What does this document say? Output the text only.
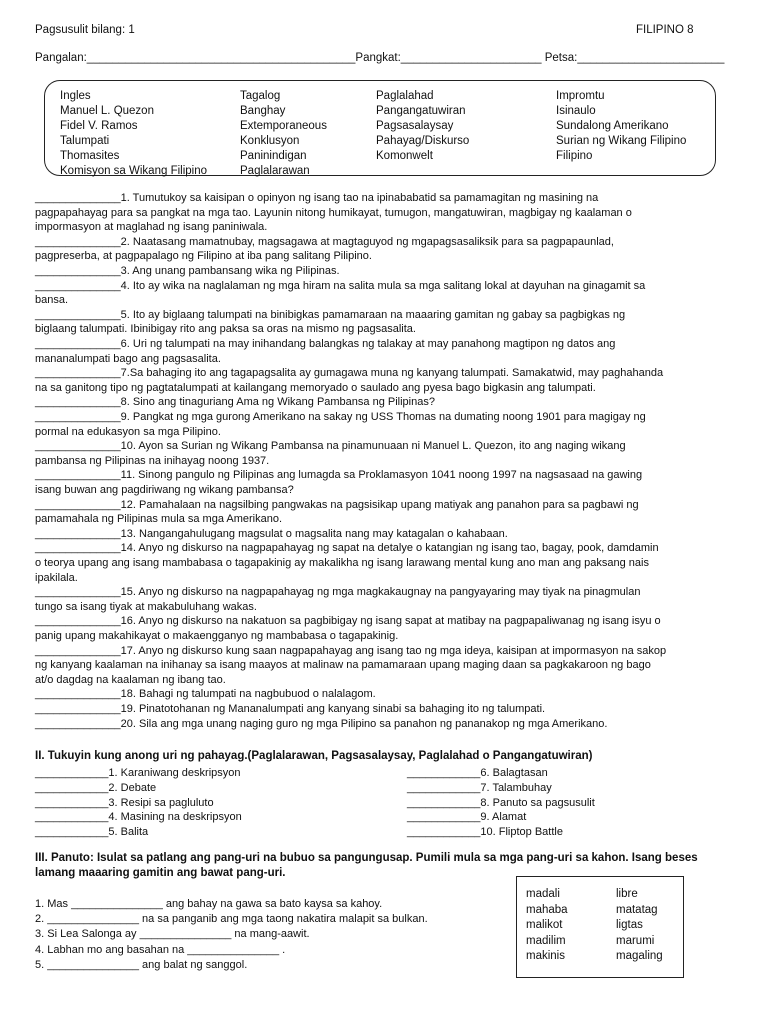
Pagsusulit bilang: 1	FILIPINO 8
Pangalan:__________________________________________Pangkat:______________________ Petsa:_______________________
Ingles
Manuel L. Quezon
Fidel V. Ramos
Talumpati
Thomasites
Komisyon sa Wikang Filipino
Tagalog
Banghay
Extemporaneous
Konklusyon
Paninindigan
Paglalarawan
Paglalahad
Pangangatuwiran
Pagsasalaysay
Pahayag/Diskurso
Komonwelt
Impromtu
Isinaulo
Sundalong Amerikano
Surian ng Wikang Filipino
Filipino
______________1. Tumutukoy sa kaisipan o opinyon ng isang tao na ipinababatid sa pamamagitan ng masining na
pagpapahayag para sa pangkat na mga tao. Layunin nitong humikayat, tumugon, mangatuwiran, magbigay ng kaalaman o
impormasyon at maglahad ng isang paniniwala.
______________2. Naatasang mamatnubay, magsagawa at magtaguyod ng mgapagsasaliksik para sa pagpapaunlad,
pagpreserba, at pagpapalago ng Filipino at iba pang salitang Pilipino.
______________3. Ang unang pambansang wika ng Pilipinas.
______________4. Ito ay wika na naglalaman ng mga hiram na salita mula sa mga salitang lokal at dayuhan na ginagamit sa
bansa.
______________5. Ito ay biglaang talumpati na binibigkas pamamaraan na maaaring gamitan ng gabay sa pagbigkas ng
biglaang talumpati. Ibinibigay rito ang paksa sa oras na mismo ng pagsasalita.
______________6. Uri ng talumpati na may inihandang balangkas ng talakay at may panahong magtipon ng datos ang
mananalumpati bago ang pagsasalita.
______________7.Sa bahaging ito ang tagapagsalita ay gumagawa muna ng kanyang talumpati. Samakatwid, may paghahanda
na sa ganitong tipo ng pagtatalumpati at kailangang memoryado o saulado ang pyesa bago bigkasin ang talumpati.
______________8. Sino ang tinaguriang Ama ng Wikang Pambansa ng Pilipinas?
______________9. Pangkat ng mga gurong Amerikano na sakay ng USS Thomas na dumating noong 1901 para magigay ng
pormal na edukasyon sa mga Pilipino.
______________10. Ayon sa Surian ng Wikang Pambansa na pinamunuaan ni Manuel L. Quezon, ito ang naging wikang
pambansa ng Pilipinas na inihayag noong 1937.
______________11. Sinong pangulo ng Pilipinas ang lumagda sa Proklamasyon 1041 noong 1997 na nagsasaad na gawing
isang buwan ang pagdiriwang ng wikang pambansa?
______________12. Pamahalaan na nagsilbing pangwakas na pagsisikap upang matiyak ang panahon para sa pagbawi ng
pamamahala ng Pilipinas mula sa mga Amerikano.
______________13. Nangangahulugang magsulat o magsalita nang may katagalan o kahabaan.
______________14. Anyo ng diskurso na nagpapahayag ng sapat na detalye o katangian ng isang tao, bagay, pook, damdamin
o teorya upang ang isang mambabasa o tagapakinig ay makalikha ng isang larawang mental kung ano man ang paksang nais
ipakilala.
______________15. Anyo ng diskurso na nagpapahayag ng mga magkakaugnay na pangyayaring may tiyak na pinagmulan
tungo sa isang tiyak at makabuluhang wakas.
______________16. Anyo ng diskurso na nakatuon sa pagbibigay ng isang sapat at matibay na pagpapaliwanag ng isang isyu o
panig upang makahikayat o makaengganyo ng mambabasa o tagapakinig.
______________17. Anyo ng diskurso kung saan nagpapahayag ang isang tao ng mga ideya, kaisipan at impormasyon na sakop
ng kanyang kaalaman na inihanay sa isang maayos at malinaw na pamamaraan upang maging daan sa pagkakaroon ng bago
at/o dagdag na kaalaman ng ibang tao.
______________18. Bahagi ng talumpati na nagbubuod o nalalagom.
______________19. Pinatotohanan ng Mananalumpati ang kanyang sinabi sa bahaging ito ng talumpati.
______________20. Sila ang mga unang naging guro ng mga Pilipino sa panahon ng pananakop ng mga Amerikano.
II. Tukuyin kung anong uri ng pahayag.(Paglalarawan, Pagsasalaysay, Paglalahad o Pangangatuwiran)
____________1. Karaniwang deskripsyon
____________2. Debate
____________3. Resipi sa pagluluto
____________4. Masining na deskripsyon
____________5. Balita
____________6. Balagtasan
____________7. Talambuhay
____________8. Panuto sa pagsusulit
____________9. Alamat
____________10. Fliptop Battle
III. Panuto: Isulat sa patlang ang pang-uri na bubuo sa pangungusap. Pumili mula sa mga pang-uri sa kahon. Isang beses
lamang maaaring gamitin ang bawat pang-uri.
1. Mas _______________ ang bahay na gawa sa bato kaysa sa kahoy.
2. _______________ na sa panganib ang mga taong nakatira malapit sa bulkan.
3. Si Lea Salonga ay _______________ na mang-aawit.
4. Labhan mo ang basahan na _______________ .
5. _______________ ang balat ng sanggol.
madali
mahaba
malikot
madilim
makinis
libre
matatag
ligtas
marumi
magaling
